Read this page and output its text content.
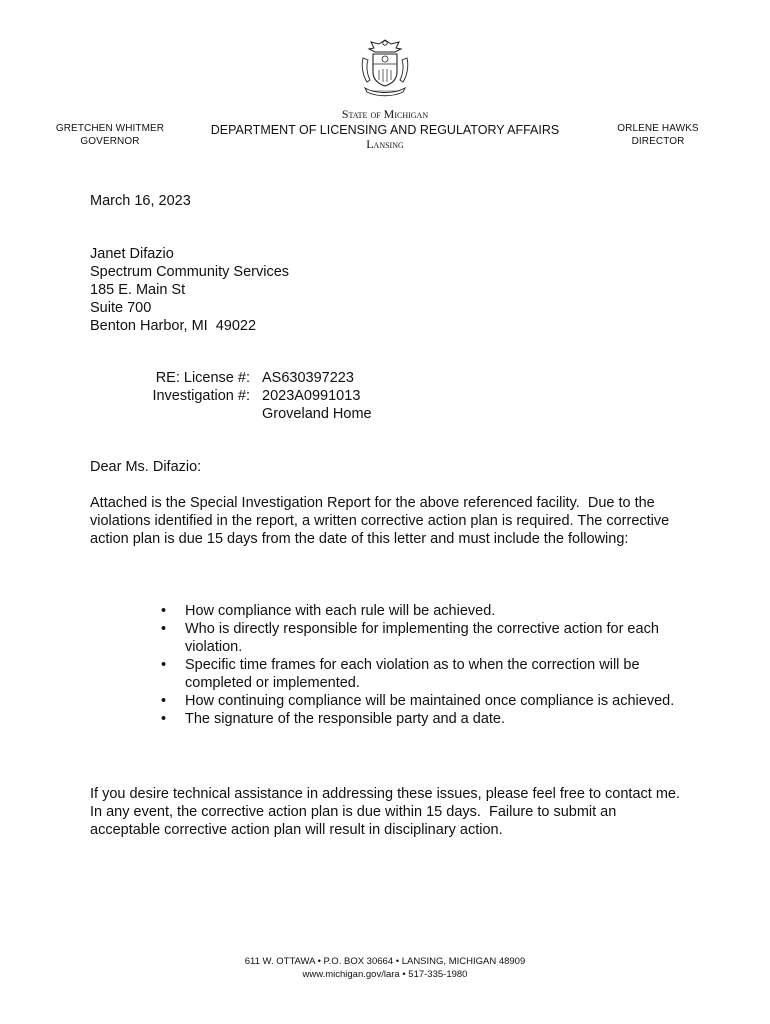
GRETCHEN WHITMER
GOVERNOR
State of Michigan
DEPARTMENT OF LICENSING AND REGULATORY AFFAIRS
Lansing
ORLENE HAWKS
DIRECTOR
March 16, 2023
Janet Difazio
Spectrum Community Services
185 E. Main St
Suite 700
Benton Harbor, MI  49022
RE: License #: AS630397223
Investigation #: 2023A0991013
Groveland Home
Dear Ms. Difazio:
Attached is the Special Investigation Report for the above referenced facility.  Due to the violations identified in the report, a written corrective action plan is required. The corrective action plan is due 15 days from the date of this letter and must include the following:
• How compliance with each rule will be achieved.
• Who is directly responsible for implementing the corrective action for each violation.
• Specific time frames for each violation as to when the correction will be completed or implemented.
• How continuing compliance will be maintained once compliance is achieved.
• The signature of the responsible party and a date.
If you desire technical assistance in addressing these issues, please feel free to contact me.  In any event, the corrective action plan is due within 15 days.  Failure to submit an acceptable corrective action plan will result in disciplinary action.
611 W. OTTAWA • P.O. BOX 30664 • LANSING, MICHIGAN 48909
www.michigan.gov/lara • 517-335-1980
